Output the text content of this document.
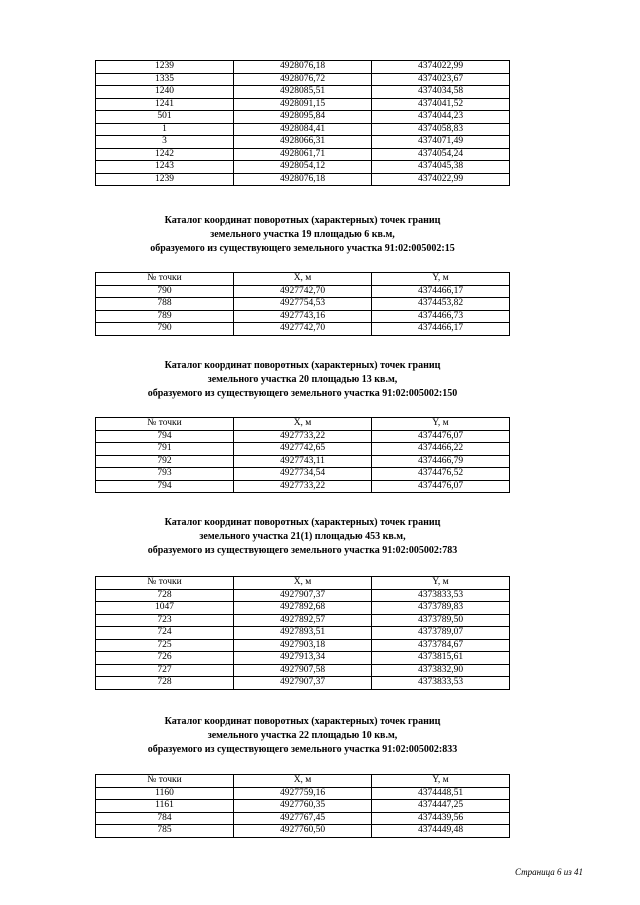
1239	4928076,18	4374022,99
1335	4928076,72	4374023,67
1240	4928085,51	4374034,58
1241	4928091,15	4374041,52
501	4928095,84	4374044,23
1	4928084,41	4374058,83
3	4928066,31	4374071,49
1242	4928061,71	4374054,24
1243	4928054,12	4374045,38
1239	4928076,18	4374022,99
Каталог координат поворотных (характерных) точек границ
земельного участка 19 площадью 6 кв.м,
образуемого из существующего земельного участка 91:02:005002:15
№ точки	X, м	Y, м
790	4927742,70	4374466,17
788	4927754,53	4374453,82
789	4927743,16	4374466,73
790	4927742,70	4374466,17
Каталог координат поворотных (характерных) точек границ
земельного участка 20 площадью 13 кв.м,
образуемого из существующего земельного участка 91:02:005002:150
№ точки	X, м	Y, м
794	4927733,22	4374476,07
791	4927742,65	4374466,22
792	4927743,11	4374466,79
793	4927734,54	4374476,52
794	4927733,22	4374476,07
Каталог координат поворотных (характерных) точек границ
земельного участка 21(1) площадью 453 кв.м,
образуемого из существующего земельного участка 91:02:005002:783
№ точки	X, м	Y, м
728	4927907,37	4373833,53
1047	4927892,68	4373789,83
723	4927892,57	4373789,50
724	4927893,51	4373789,07
725	4927903,18	4373784,67
726	4927913,34	4373815,61
727	4927907,58	4373832,90
728	4927907,37	4373833,53
Каталог координат поворотных (характерных) точек границ
земельного участка 22 площадью 10 кв.м,
образуемого из существующего земельного участка 91:02:005002:833
№ точки	X, м	Y, м
1160	4927759,16	4374448,51
1161	4927760,35	4374447,25
784	4927767,45	4374439,56
785	4927760,50	4374449,48
Страница 6 из 41
